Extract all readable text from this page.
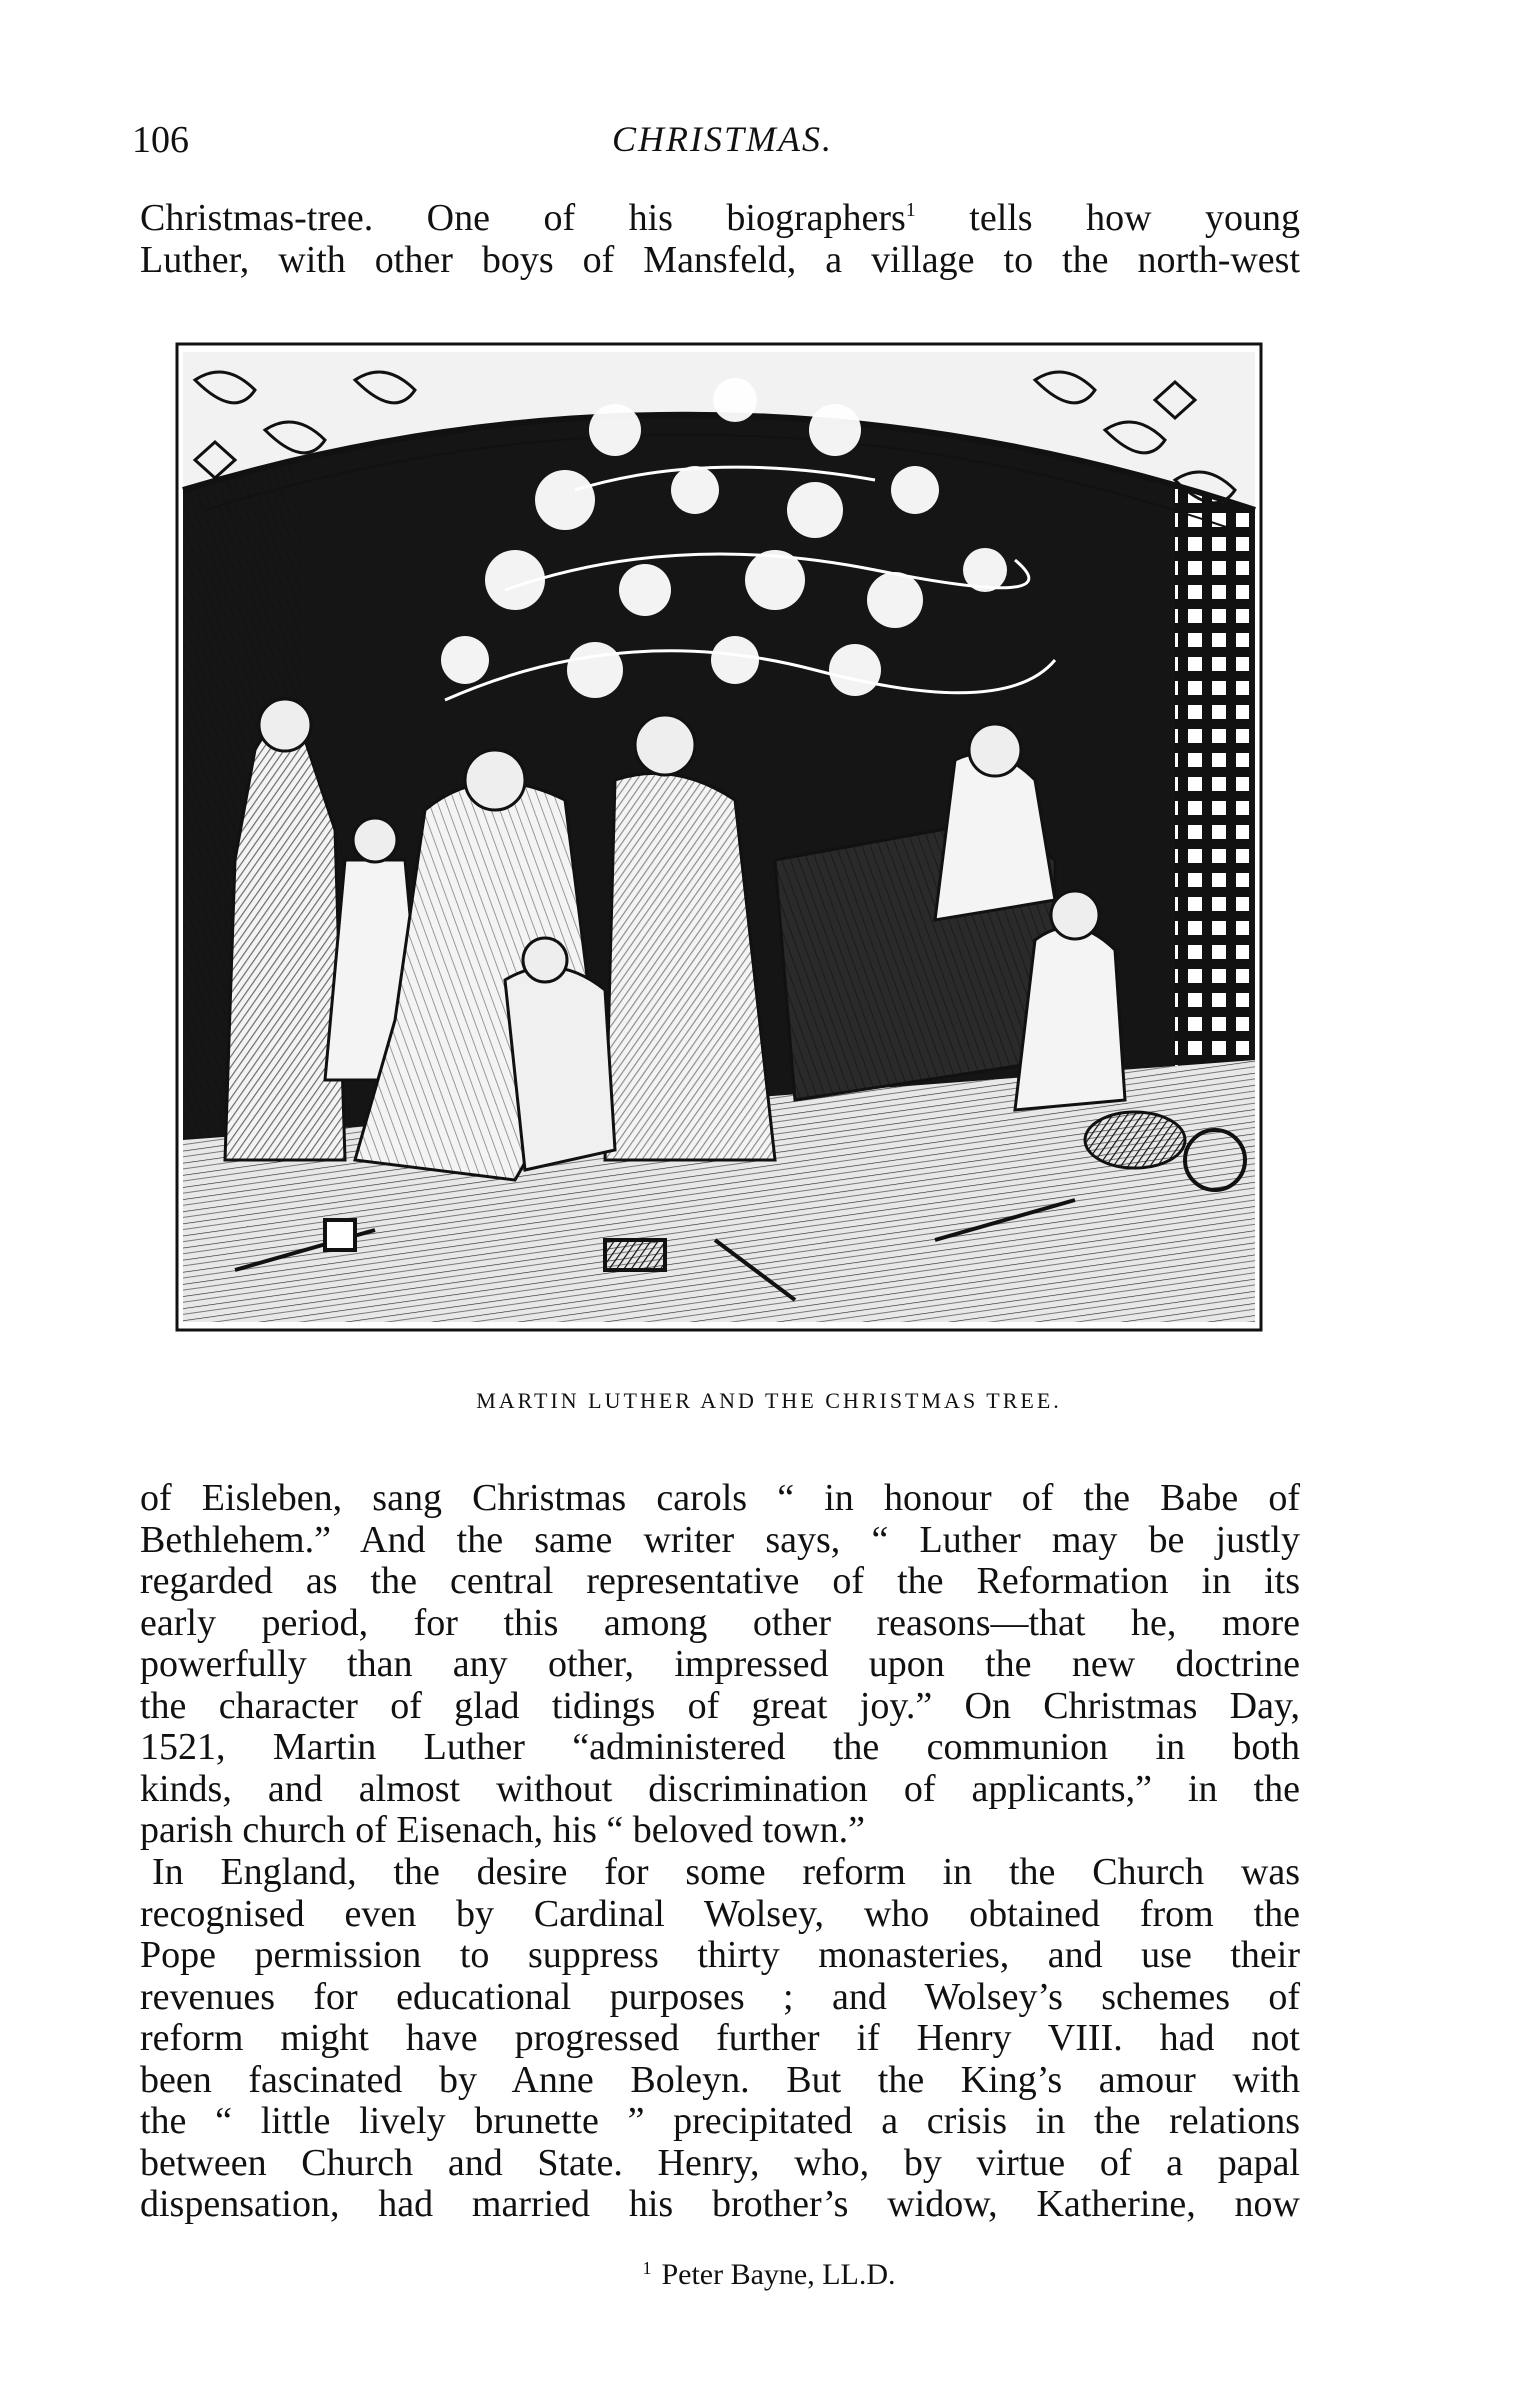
106	CHRISTMAS.
Christmas-tree. One of his biographers$^1$ tells how young
Luther, with other boys of Mansfeld, a village to the north-west
MARTIN LUTHER AND THE CHRISTMAS TREE.
of Eisleben, sang Christmas carols “ in honour of the Babe of
Bethlehem.” And the same writer says, “ Luther may be justly
regarded as the central representative of the Reformation in its
early period, for this among other reasons—that he, more
powerfully than any other, impressed upon the new doctrine
the character of glad tidings of great joy.” On Christmas Day,
1521, Martin Luther “administered the communion in both
kinds, and almost without discrimination of applicants,” in the
parish church of Eisenach, his “ beloved town.”
In England, the desire for some reform in the Church was
recognised even by Cardinal Wolsey, who obtained from the
Pope permission to suppress thirty monasteries, and use their
revenues for educational purposes ; and Wolsey’s schemes of
reform might have progressed further if Henry VIII. had not
been fascinated by Anne Boleyn. But the King’s amour with
the “ little lively brunette ” precipitated a crisis in the relations
between Church and State. Henry, who, by virtue of a papal
dispensation, had married his brother’s widow, Katherine, now
$^1$ Peter Bayne, LL.D.
